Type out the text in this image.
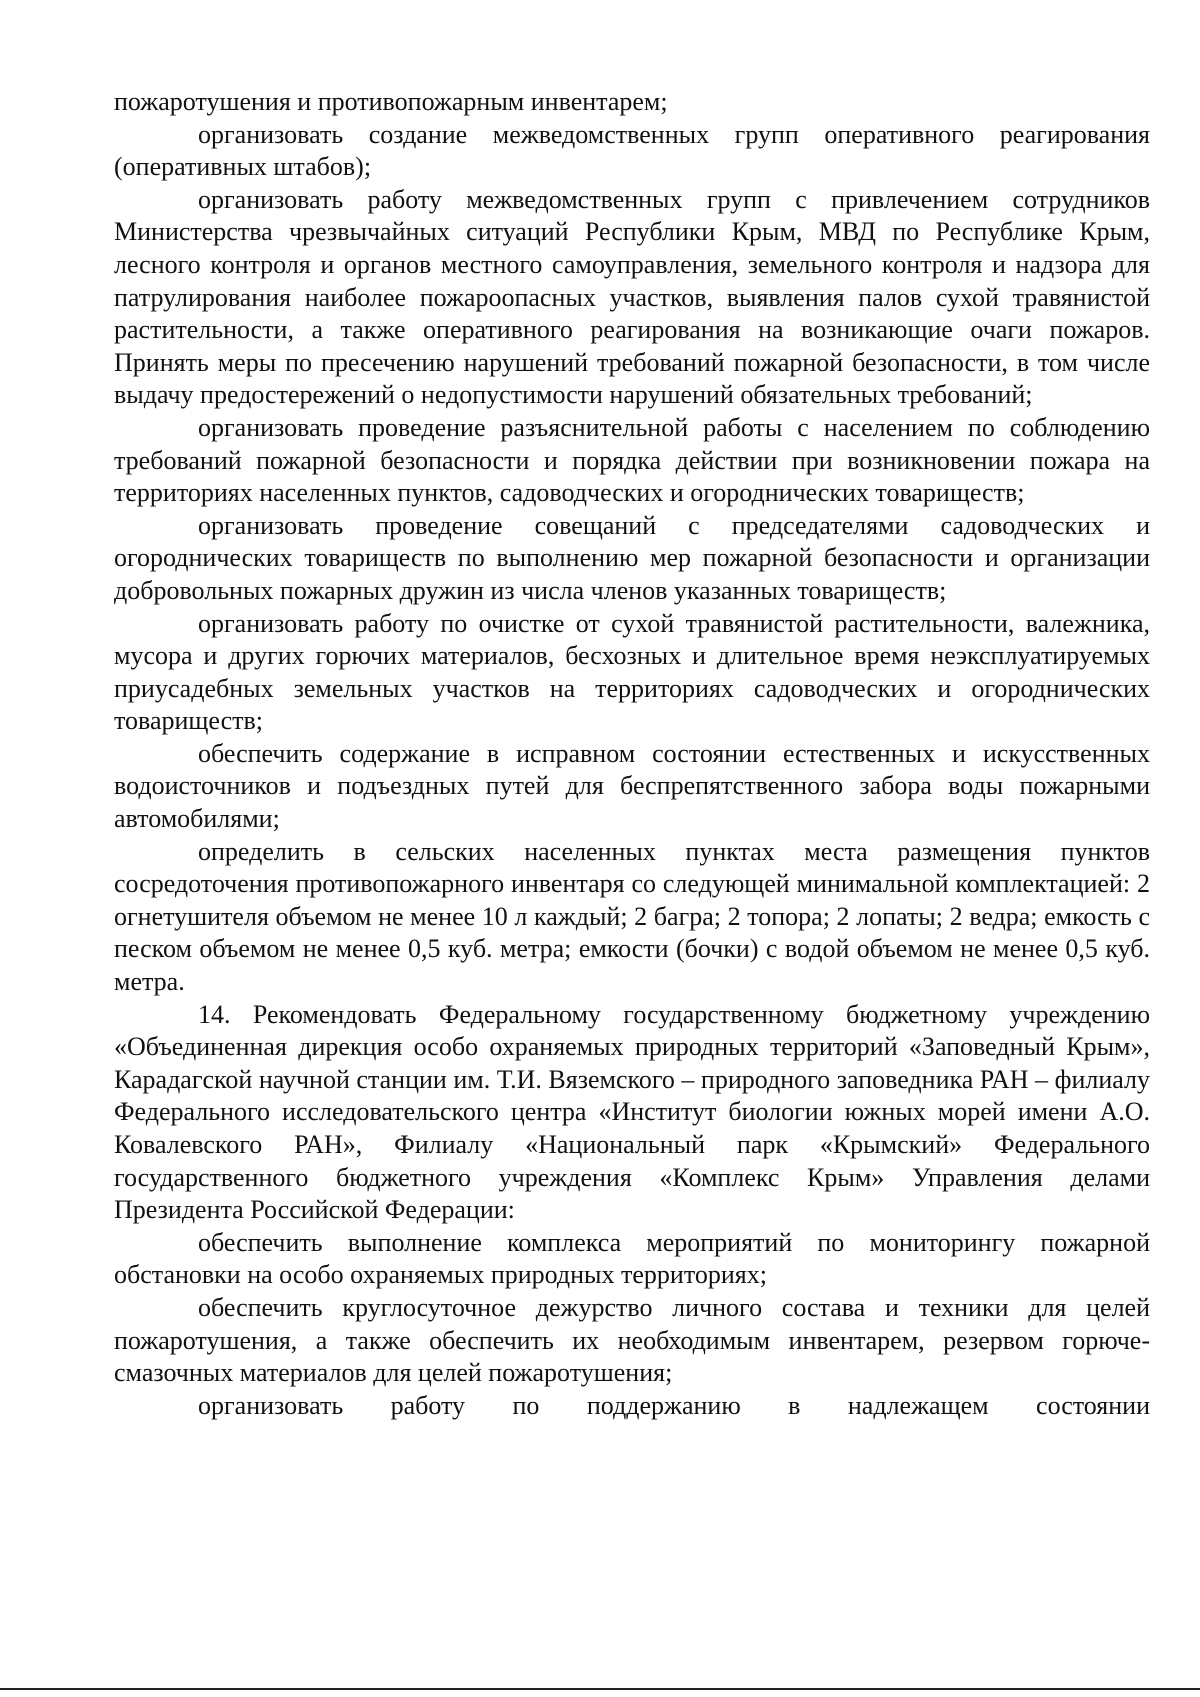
пожаротушения и противопожарным инвентарем;

организовать создание межведомственных групп оперативного реагирования (оперативных штабов);

организовать работу межведомственных групп с привлечением сотрудников Министерства чрезвычайных ситуаций Республики Крым, МВД по Республике Крым, лесного контроля и органов местного самоуправления, земельного контроля и надзора для патрулирования наиболее пожароопасных участков, выявления палов сухой травянистой растительности, а также оперативного реагирования на возникающие очаги пожаров. Принять меры по пресечению нарушений требований пожарной безопасности, в том числе выдачу предостережений о недопустимости нарушений обязательных требований;

организовать проведение разъяснительной работы с населением по соблюдению требований пожарной безопасности и порядка действии при возникновении пожара на территориях населенных пунктов, садоводческих и огороднических товариществ;

организовать проведение совещаний с председателями садоводческих и огороднических товариществ по выполнению мер пожарной безопасности и организации добровольных пожарных дружин из числа членов указанных товариществ;

организовать работу по очистке от сухой травянистой растительности, валежника, мусора и других горючих материалов, бесхозных и длительное время неэксплуатируемых приусадебных земельных участков на территориях садоводческих и огороднических товариществ;

обеспечить содержание в исправном состоянии естественных и искусственных водоисточников и подъездных путей для беспрепятственного забора воды пожарными автомобилями;

определить в сельских населенных пунктах места размещения пунктов сосредоточения противопожарного инвентаря со следующей минимальной комплектацией: 2 огнетушителя объемом не менее 10 л каждый; 2 багра; 2 топора; 2 лопаты; 2 ведра; емкость с песком объемом не менее 0,5 куб. метра; емкости (бочки) с водой объемом не менее 0,5 куб. метра.

14. Рекомендовать Федеральному государственному бюджетному учреждению «Объединенная дирекция особо охраняемых природных территорий «Заповедный Крым», Карадагской научной станции им. Т.И. Вяземского – природного заповедника РАН – филиалу Федерального исследовательского центра «Институт биологии южных морей имени А.О. Ковалевского РАН», Филиалу «Национальный парк «Крымский» Федерального государственного бюджетного учреждения «Комплекс Крым» Управления делами Президента Российской Федерации:

обеспечить выполнение комплекса мероприятий по мониторингу пожарной обстановки на особо охраняемых природных территориях;

обеспечить круглосуточное дежурство личного состава и техники для целей пожаротушения, а также обеспечить их необходимым инвентарем, резервом горюче-смазочных материалов для целей пожаротушения;

организовать работу по поддержанию в надлежащем состоянии
